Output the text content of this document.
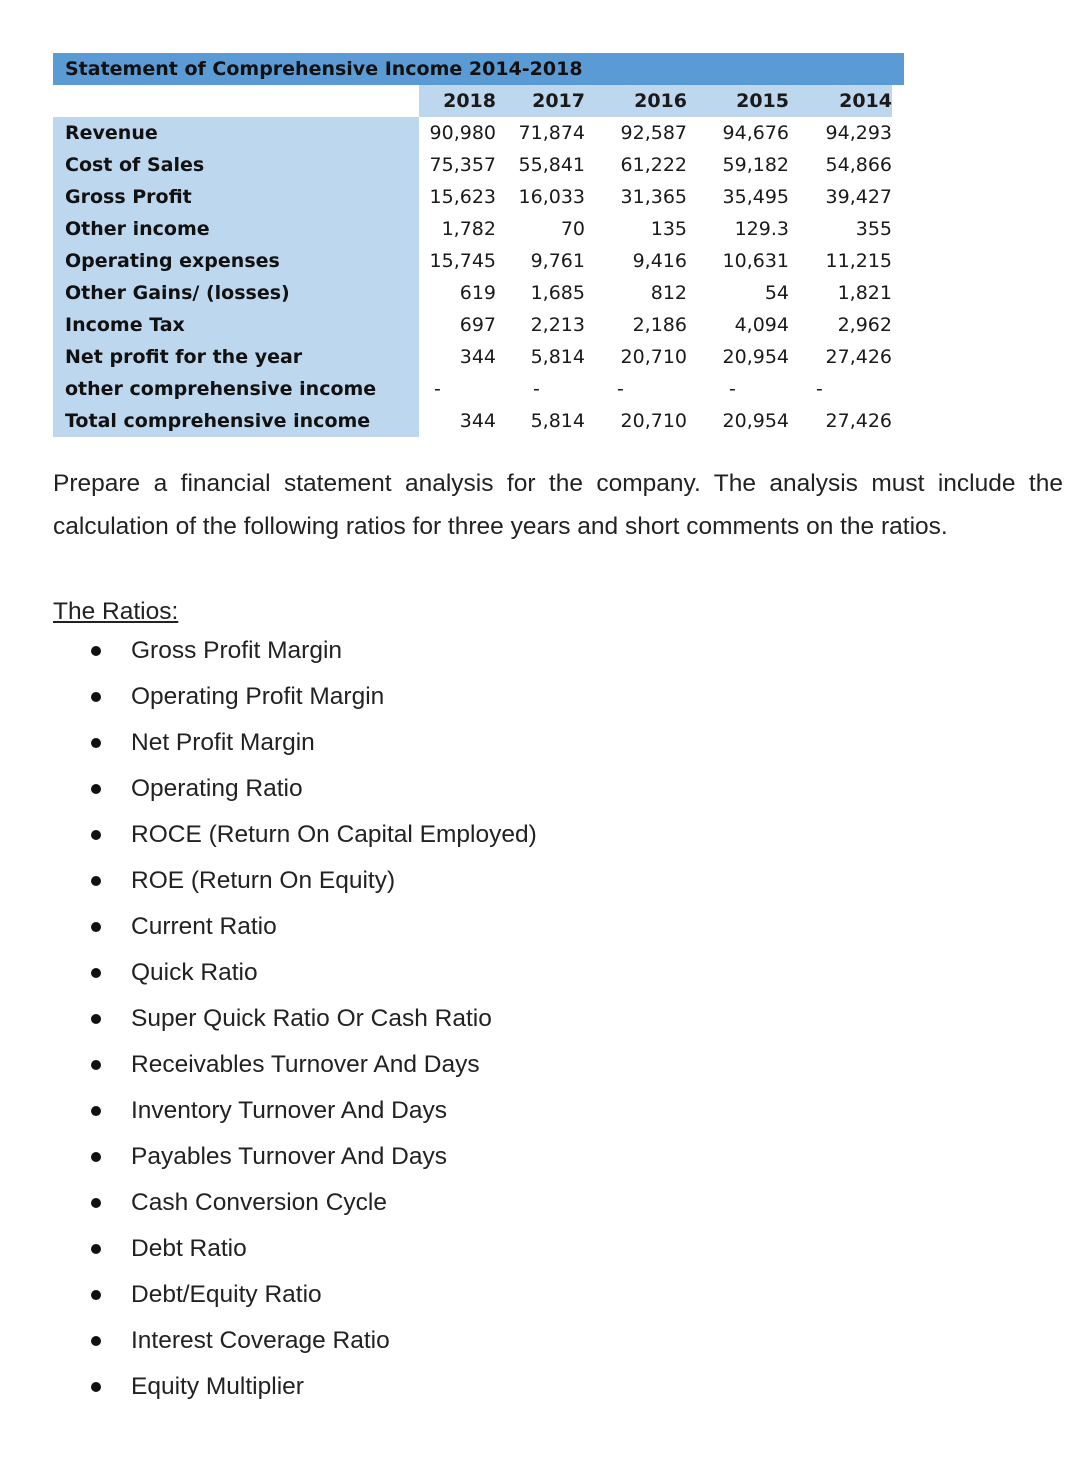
Statement of Comprehensive Income 2014-2018
2018	2017	2016	2015	2014
Revenue	90,980	71,874	92,587	94,676	94,293
Cost of Sales	75,357	55,841	61,222	59,182	54,866
Gross Profit	15,623	16,033	31,365	35,495	39,427
Other income	1,782	70	135	129.3	355
Operating expenses	15,745	9,761	9,416	10,631	11,215
Other Gains/ (losses)	619	1,685	812	54	1,821
Income Tax	697	2,213	2,186	4,094	2,962
Net profit for the year	344	5,814	20,710	20,954	27,426
other comprehensive income	-	-	-	-	-
Total comprehensive income	344	5,814	20,710	20,954	27,426

Prepare a financial statement analysis for the company. The analysis must include the calculation of the following ratios for three years and short comments on the ratios.

The Ratios:
Gross Profit Margin
Operating Profit Margin
Net Profit Margin
Operating Ratio
ROCE (Return On Capital Employed)
ROE (Return On Equity)
Current Ratio
Quick Ratio
Super Quick Ratio Or Cash Ratio
Receivables Turnover And Days
Inventory Turnover And Days
Payables Turnover And Days
Cash Conversion Cycle
Debt Ratio
Debt/Equity Ratio
Interest Coverage Ratio
Equity Multiplier
